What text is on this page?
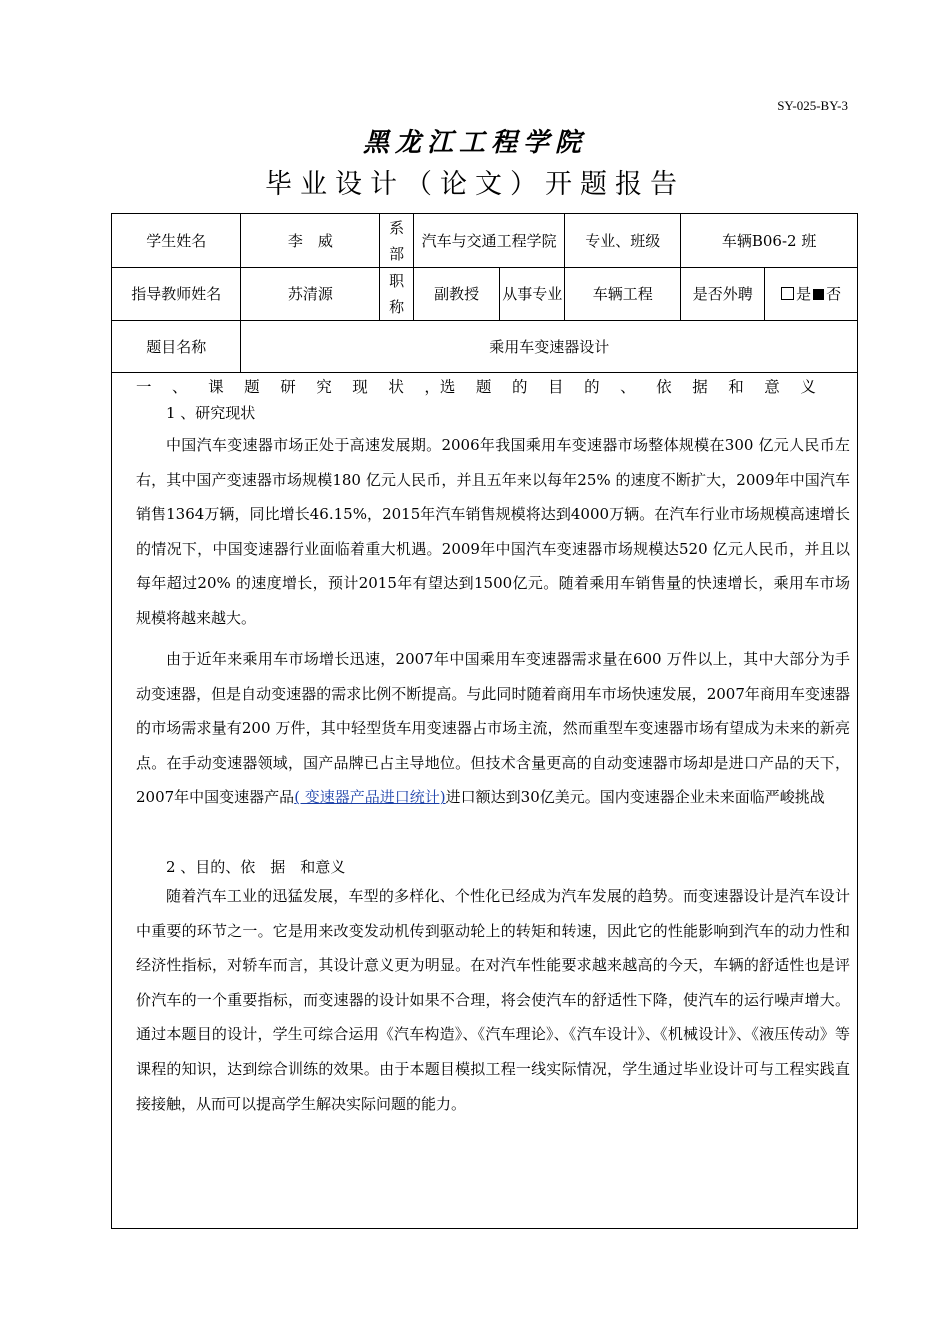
SY-025-BY-3
黑龙江工程学院
毕业设计（论文）开题报告
学生姓名	李　威	系部	汽车与交通工程学院		专业、班级	车辆B06-2 班	
指导教师姓名	苏清源	职称	副教授	从事专业	车辆工程	是否外聘	是 否
题目名称	乘用车变速器设计						
一 、 课 题 研 究 现 状 ，选 题 的 目 的 、 依 据 和 意 义
1 、研究现状

中国汽车变速器市场正处于高速发展期。2006年我国乘用车变速器市场整体规模在300 亿元人民币左右，其中国产变速器市场规模180 亿元人民币，并且五年来以每年25% 的速度不断扩大，2009年中国汽车销售1364万辆，同比增长46.15%，2015年汽车销售规模将达到4000万辆。在汽车行业市场规模高速增长的情况下，中国变速器行业面临着重大机遇。2009年中国汽车变速器市场规模达520 亿元人民币，并且以每年超过20% 的速度增长，预计2015年有望达到1500亿元。随着乘用车销售量的快速增长，乘用车市场规模将越来越大。

由于近年来乘用车市场增长迅速，2007年中国乘用车变速器需求量在600 万件以上，其中大部分为手动变速器，但是自动变速器的需求比例不断提高。与此同时随着商用车市场快速发展，2007年商用车变速器的市场需求量有200 万件，其中轻型货车用变速器占市场主流，然而重型车变速器市场有望成为未来的新亮点。在手动变速器领域，国产品牌已占主导地位。但技术含量更高的自动变速器市场却是进口产品的天下，2007年中国变速器产品( 变速器产品进口统计)进口额达到30亿美元。国内变速器企业未来面临严峻挑战

2 、目的、依　据　和意义

随着汽车工业的迅猛发展，车型的多样化、个性化已经成为汽车发展的趋势。而变速器设计是汽车设计中重要的环节之一。它是用来改变发动机传到驱动轮上的转矩和转速，因此它的性能影响到汽车的动力性和经济性指标，对轿车而言，其设计意义更为明显。在对汽车性能要求越来越高的今天，车辆的舒适性也是评价汽车的一个重要指标，而变速器的设计如果不合理，将会使汽车的舒适性下降，使汽车的运行噪声增大。通过本题目的设计，学生可综合运用《汽车构造》、《汽车理论》、《汽车设计》、《机械设计》、《液压传动》等课程的知识，达到综合训练的效果。由于本题目模拟工程一线实际情况，学生通过毕业设计可与工程实践直接接触，从而可以提高学生解决实际问题的能力。
